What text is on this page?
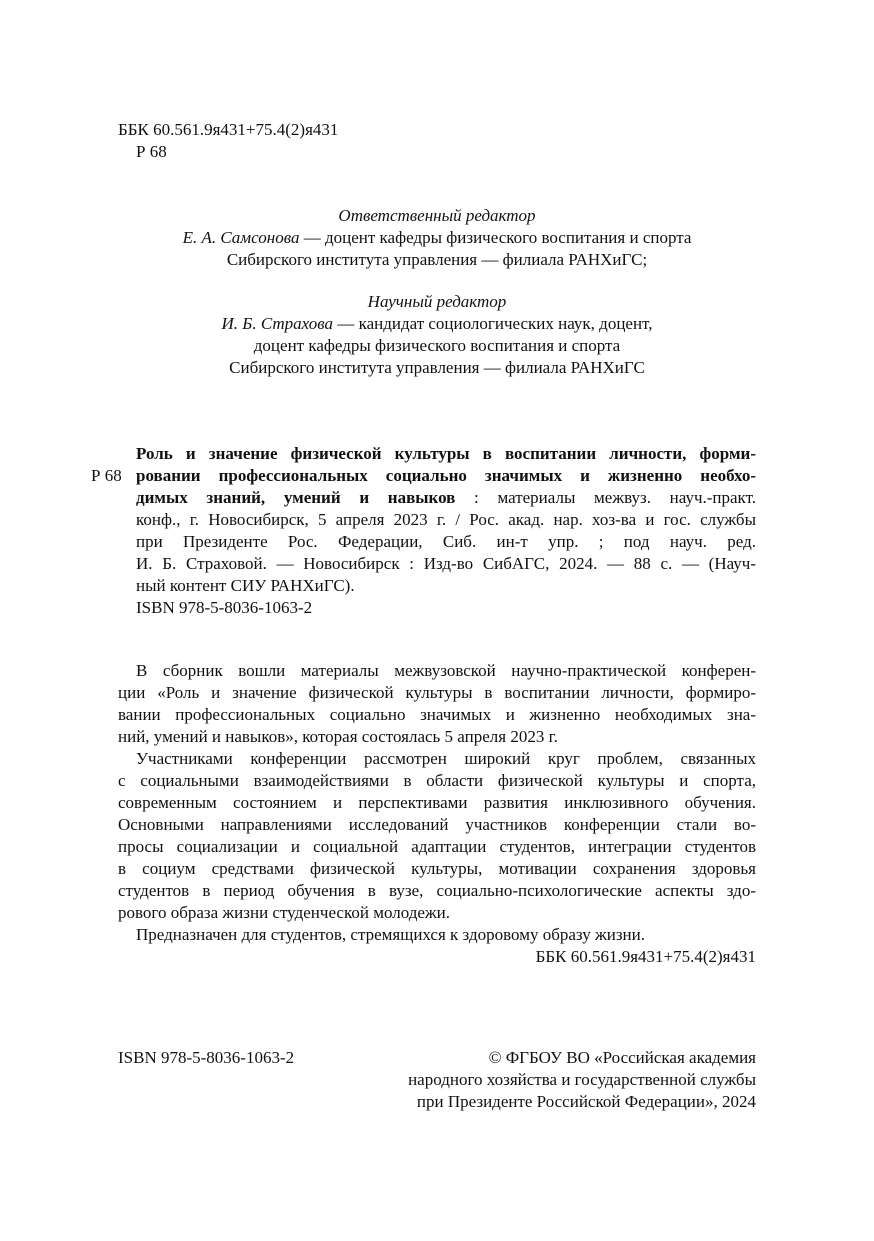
ББК 60.561.9я431+75.4(2)я431
Р 68
Ответственный редактор
Е. А. Самсонова — доцент кафедры физического воспитания и спорта
Сибирского института управления — филиала РАНХиГС;
Научный редактор
И. Б. Страхова — кандидат социологических наук, доцент,
доцент кафедры физического воспитания и спорта
Сибирского института управления — филиала РАНХиГС
Р 68
Роль и значение физической культуры в воспитании личности, форми-
ровании профессиональных социально значимых и жизненно необхо-
димых знаний, умений и навыков : материалы межвуз. науч.-практ.
конф., г. Новосибирск, 5 апреля 2023 г. / Рос. акад. нар. хоз-ва и гос. службы
при Президенте Рос. Федерации, Сиб. ин-т упр. ; под науч. ред.
И. Б. Страховой. — Новосибирск : Изд-во СибАГС, 2024. — 88 с. — (Науч-
ный контент СИУ РАНХиГС).
ISBN 978-5-8036-1063-2
В сборник вошли материалы межвузовской научно-практической конферен-
ции «Роль и значение физической культуры в воспитании личности, формиро-
вании профессиональных социально значимых и жизненно необходимых зна-
ний, умений и навыков», которая состоялась 5 апреля 2023 г.
Участниками конференции рассмотрен широкий круг проблем, связанных
с социальными взаимодействиями в области физической культуры и спорта,
современным состоянием и перспективами развития инклюзивного обучения.
Основными направлениями исследований участников конференции стали во-
просы социализации и социальной адаптации студентов, интеграции студентов
в социум средствами физической культуры, мотивации сохранения здоровья
студентов в период обучения в вузе, социально-психологические аспекты здо-
рового образа жизни студенческой молодежи.
Предназначен для студентов, стремящихся к здоровому образу жизни.
ББК 60.561.9я431+75.4(2)я431
ISBN 978-5-8036-1063-2	© ФГБОУ ВО «Российская академия
народного хозяйства и государственной службы
при Президенте Российской Федерации», 2024
